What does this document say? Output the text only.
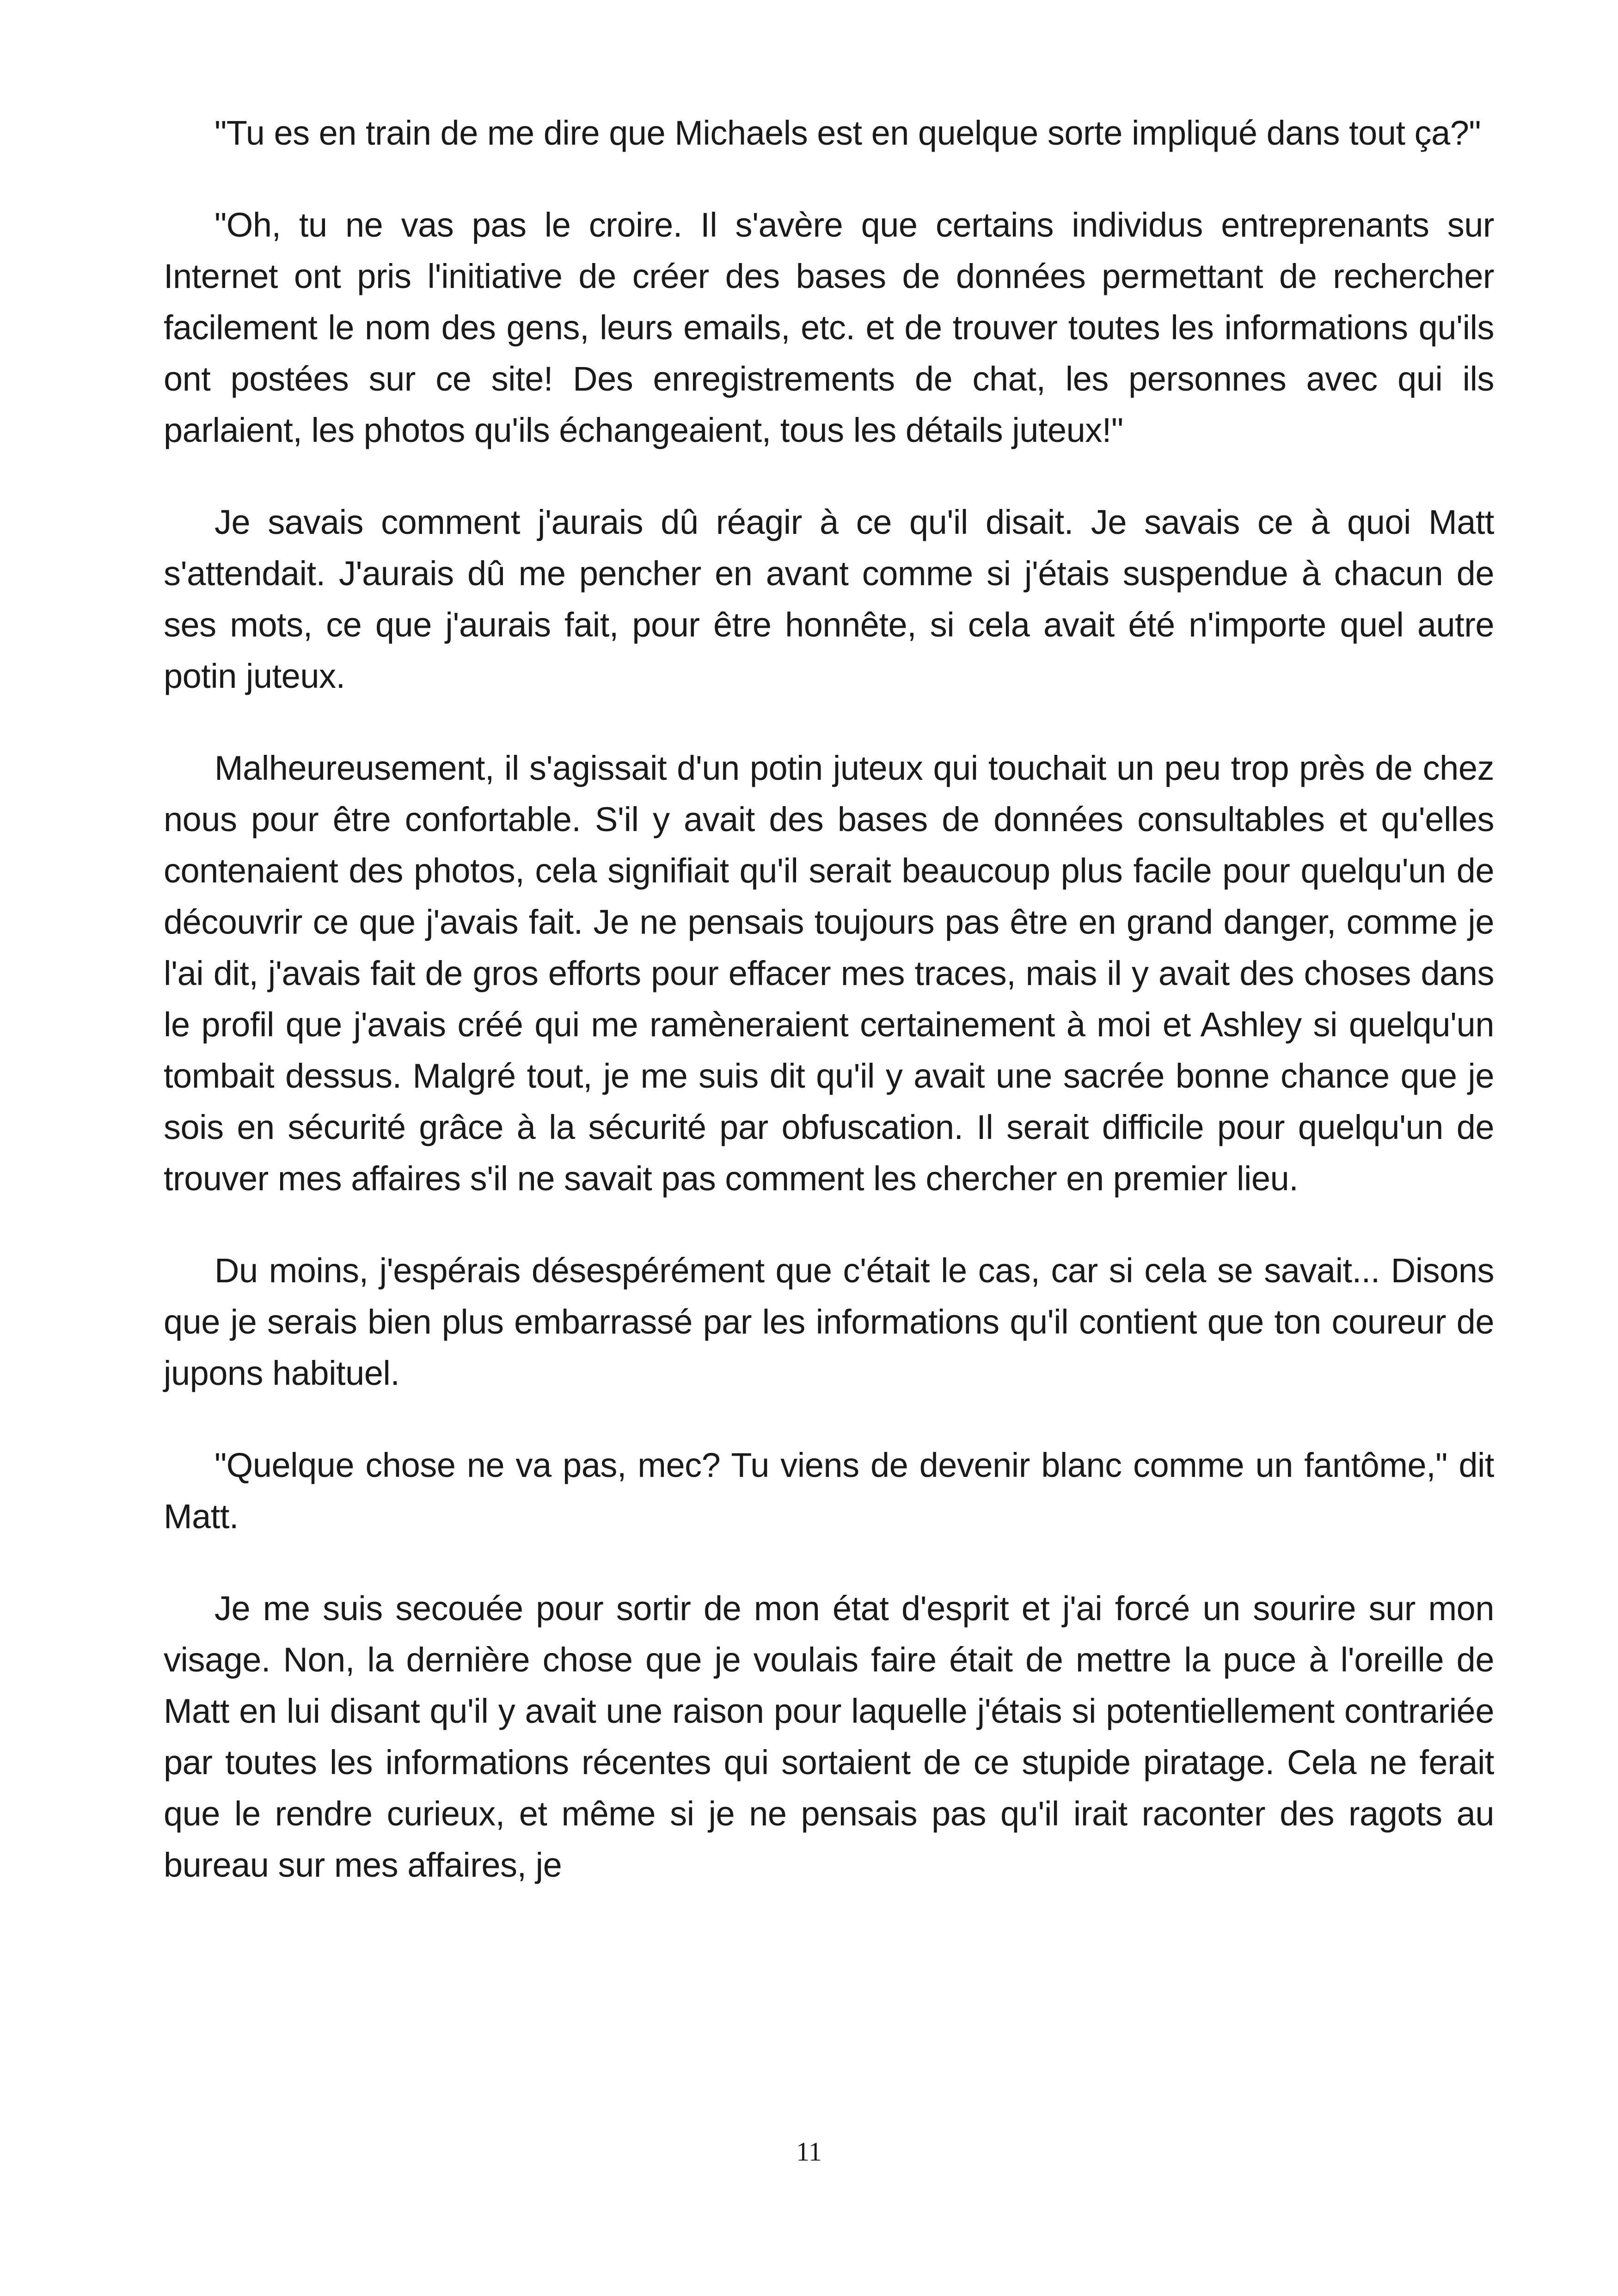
"Tu es en train de me dire que Michaels est en quelque sorte impliqué dans tout ça?"

"Oh, tu ne vas pas le croire. Il s'avère que certains individus entreprenants sur Internet ont pris l'initiative de créer des bases de données permettant de rechercher facilement le nom des gens, leurs emails, etc. et de trouver toutes les informations qu'ils ont postées sur ce site! Des enregistrements de chat, les personnes avec qui ils parlaient, les photos qu'ils échangeaient, tous les détails juteux!"

Je savais comment j'aurais dû réagir à ce qu'il disait. Je savais ce à quoi Matt s'attendait. J'aurais dû me pencher en avant comme si j'étais suspendue à chacun de ses mots, ce que j'aurais fait, pour être honnête, si cela avait été n'importe quel autre potin juteux.

Malheureusement, il s'agissait d'un potin juteux qui touchait un peu trop près de chez nous pour être confortable. S'il y avait des bases de données consultables et qu'elles contenaient des photos, cela signifiait qu'il serait beaucoup plus facile pour quelqu'un de découvrir ce que j'avais fait. Je ne pensais toujours pas être en grand danger, comme je l'ai dit, j'avais fait de gros efforts pour effacer mes traces, mais il y avait des choses dans le profil que j'avais créé qui me ramèneraient certainement à moi et Ashley si quelqu'un tombait dessus. Malgré tout, je me suis dit qu'il y avait une sacrée bonne chance que je sois en sécurité grâce à la sécurité par obfuscation. Il serait difficile pour quelqu'un de trouver mes affaires s'il ne savait pas comment les chercher en premier lieu.

Du moins, j'espérais désespérément que c'était le cas, car si cela se savait... Disons que je serais bien plus embarrassé par les informations qu'il contient que ton coureur de jupons habituel.

"Quelque chose ne va pas, mec? Tu viens de devenir blanc comme un fantôme," dit Matt.

Je me suis secouée pour sortir de mon état d'esprit et j'ai forcé un sourire sur mon visage. Non, la dernière chose que je voulais faire était de mettre la puce à l'oreille de Matt en lui disant qu'il y avait une raison pour laquelle j'étais si potentiellement contrariée par toutes les informations récentes qui sortaient de ce stupide piratage. Cela ne ferait que le rendre curieux, et même si je ne pensais pas qu'il irait raconter des ragots au bureau sur mes affaires, je

11
